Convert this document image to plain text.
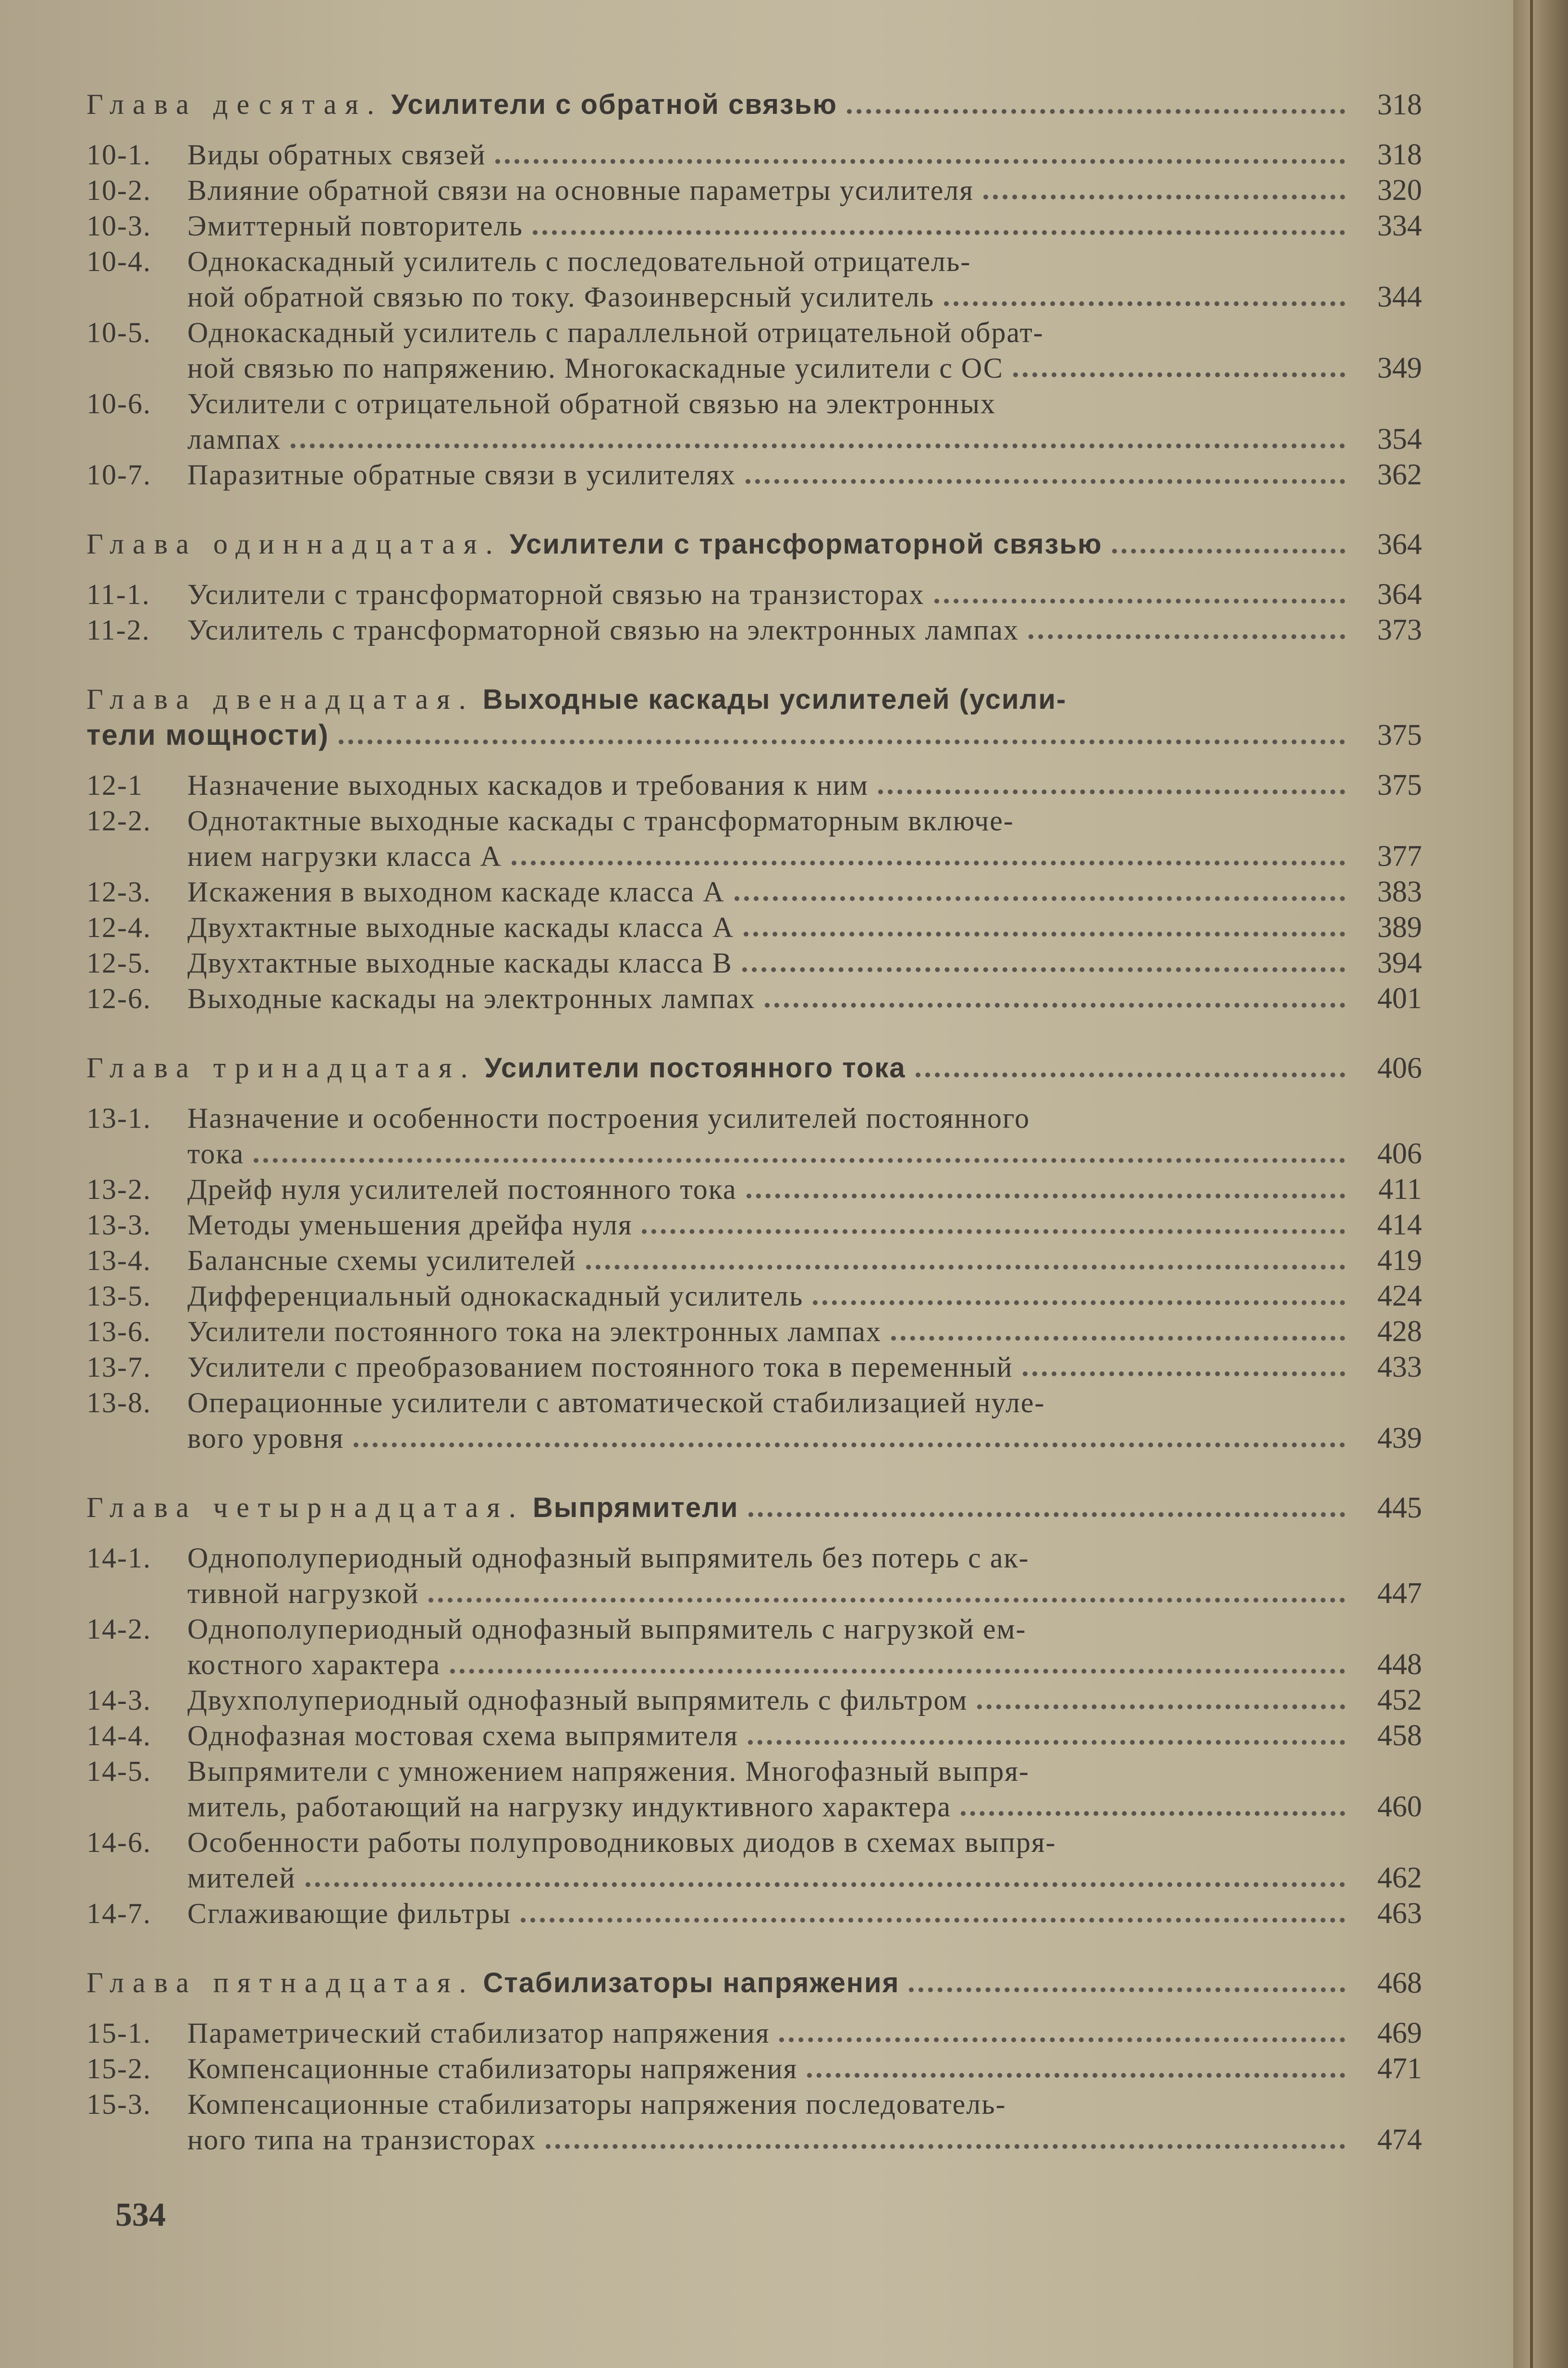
Глава десятая. Усилители с обратной связью	318
10-1. Виды обратных связей	318
10-2. Влияние обратной связи на основные параметры усилителя	320
10-3. Эмиттерный повторитель	334
10-4. Однокаскадный усилитель с последовательной отрицатель-
ной обратной связью по току. Фазоинверсный усилитель	344
10-5. Однокаскадный усилитель с параллельной отрицательной обрат-
ной связью по напряжению. Многокаскадные усилители с ОС	349
10-6. Усилители с отрицательной обратной связью на электронных
лампах	354
10-7. Паразитные обратные связи в усилителях	362
Глава одиннадцатая. Усилители с трансформаторной связью	364
11-1. Усилители с трансформаторной связью на транзисторах	364
11-2. Усилитель с трансформаторной связью на электронных лампах	373
Глава двенадцатая. Выходные каскады усилителей (усили-
тели мощности)	375
12-1 Назначение выходных каскадов и требования к ним	375
12-2. Однотактные выходные каскады с трансформаторным включе-
нием нагрузки класса А	377
12-3. Искажения в выходном каскаде класса А	383
12-4. Двухтактные выходные каскады класса А	389
12-5. Двухтактные выходные каскады класса В	394
12-6. Выходные каскады на электронных лампах	401
Глава тринадцатая. Усилители постоянного тока	406
13-1. Назначение и особенности построения усилителей постоянного
тока	406
13-2. Дрейф нуля усилителей постоянного тока	411
13-3. Методы уменьшения дрейфа нуля	414
13-4. Балансные схемы усилителей	419
13-5. Дифференциальный однокаскадный усилитель	424
13-6. Усилители постоянного тока на электронных лампах	428
13-7. Усилители с преобразованием постоянного тока в переменный	433
13-8. Операционные усилители с автоматической стабилизацией нуле-
вого уровня	439
Глава четырнадцатая. Выпрямители	445
14-1. Однополупериодный однофазный выпрямитель без потерь с ак-
тивной нагрузкой	447
14-2. Однополупериодный однофазный выпрямитель с нагрузкой ем-
костного характера	448
14-3. Двухполупериодный однофазный выпрямитель с фильтром	452
14-4. Однофазная мостовая схема выпрямителя	458
14-5. Выпрямители с умножением напряжения. Многофазный выпря-
митель, работающий на нагрузку индуктивного характера	460
14-6. Особенности работы полупроводниковых диодов в схемах выпря-
мителей	462
14-7. Сглаживающие фильтры	463
Глава пятнадцатая. Стабилизаторы напряжения	468
15-1. Параметрический стабилизатор напряжения	469
15-2. Компенсационные стабилизаторы напряжения	471
15-3. Компенсационные стабилизаторы напряжения последователь-
ного типа на транзисторах	474
534
